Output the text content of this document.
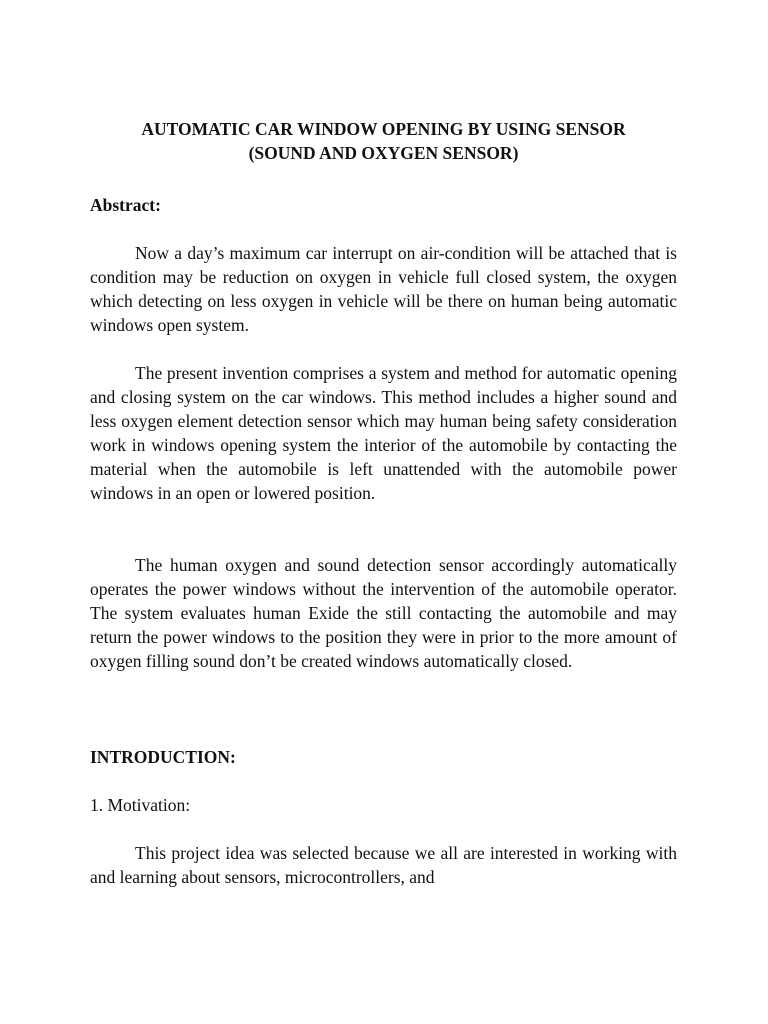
AUTOMATIC CAR WINDOW OPENING BY USING SENSOR

(SOUND AND OXYGEN SENSOR)

Abstract:

Now a day’s maximum car interrupt on air-condition will be attached that is condition may be reduction on oxygen in vehicle full closed system, the oxygen which detecting on less oxygen in vehicle will be there on human being automatic windows open system.

The present invention comprises a system and method for automatic opening and closing system on the car windows. This method includes a higher sound and less oxygen element detection sensor which may human being safety consideration work in windows opening system the interior of the automobile by contacting the material when the automobile is left unattended with the automobile power windows in an open or lowered position.

The human oxygen and sound detection sensor accordingly automatically operates the power windows without the intervention of the automobile operator. The system evaluates human Exide the still contacting the automobile and may return the power windows to the position they were in prior to the more amount of oxygen filling sound don’t be created windows automatically closed.

INTRODUCTION:

1. Motivation:

This project idea was selected because we all are interested in working with and learning about sensors, microcontrollers, and
